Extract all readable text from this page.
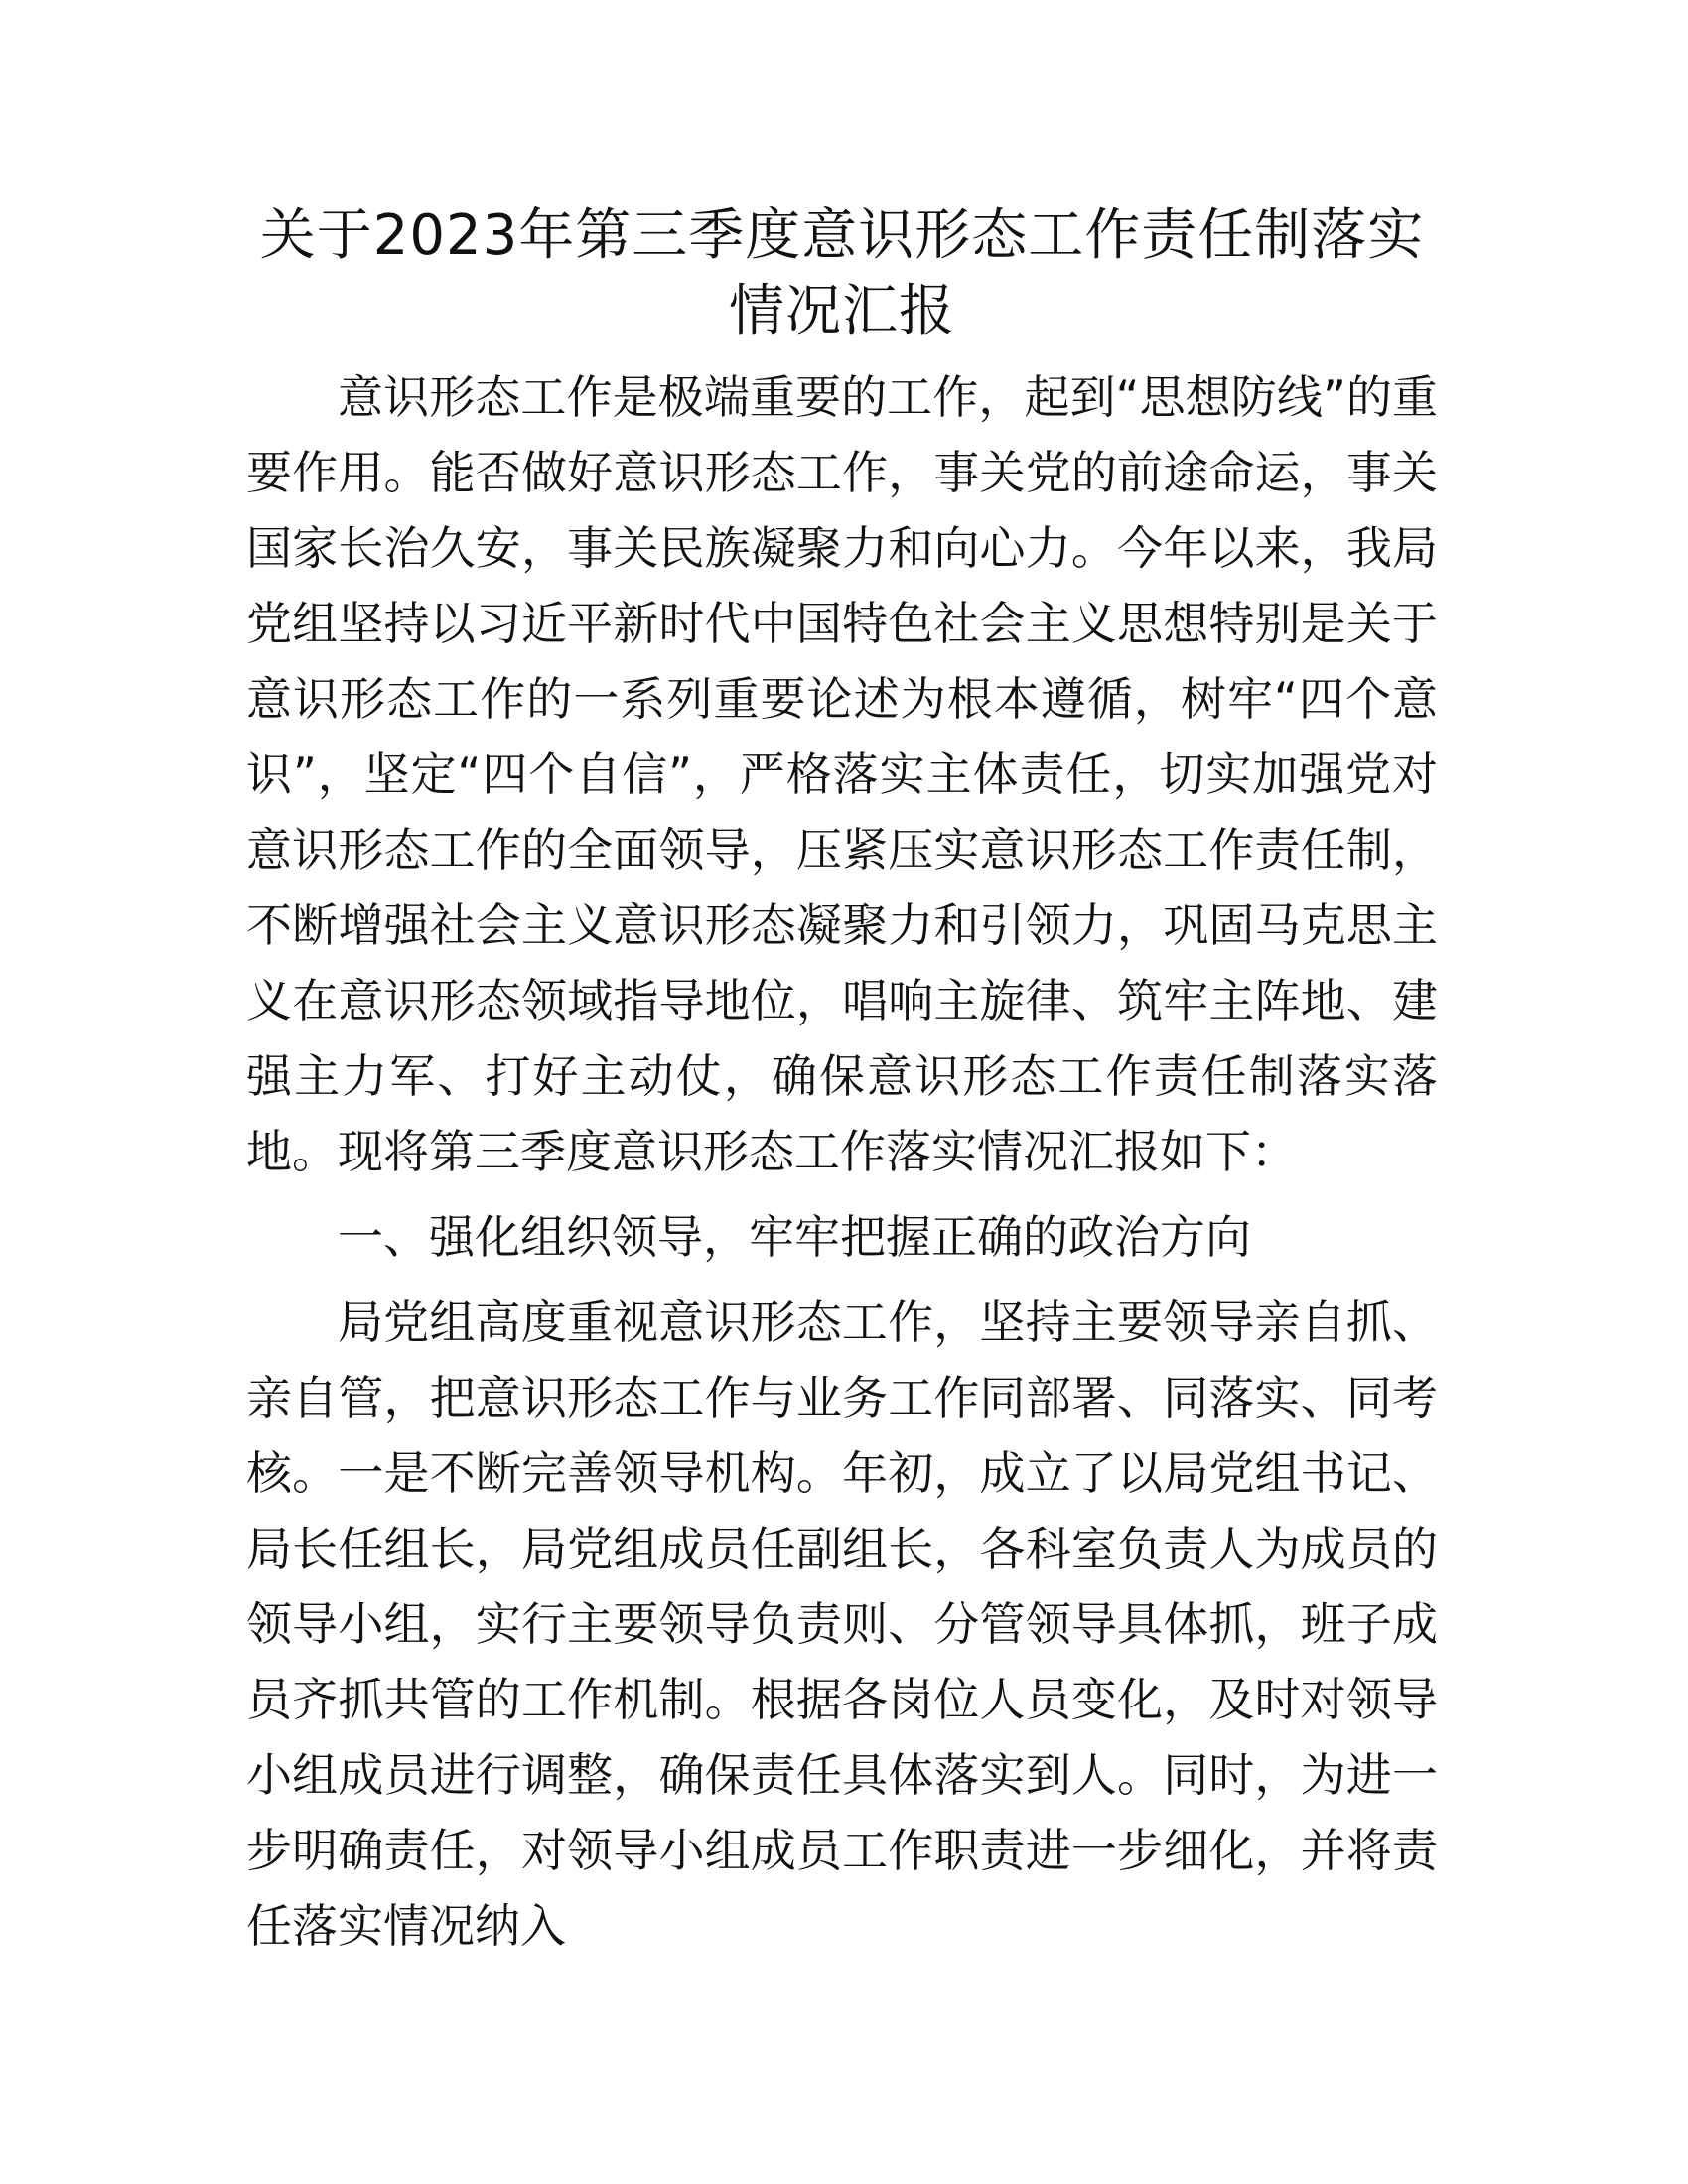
关于2023年第三季度意识形态工作责任制落实情况汇报

意识形态工作是极端重要的工作，起到“思想防线”的重要作用。能否做好意识形态工作，事关党的前途命运，事关国家长治久安，事关民族凝聚力和向心力。今年以来，我局党组坚持以习近平新时代中国特色社会主义思想特别是关于意识形态工作的一系列重要论述为根本遵循，树牢“四个意识”，坚定“四个自信”，严格落实主体责任，切实加强党对意识形态工作的全面领导，压紧压实意识形态工作责任制，不断增强社会主义意识形态凝聚力和引领力，巩固马克思主义在意识形态领域指导地位，唱响主旋律、筑牢主阵地、建强主力军、打好主动仗，确保意识形态工作责任制落实落地。现将第三季度意识形态工作落实情况汇报如下：

一、强化组织领导，牢牢把握正确的政治方向

局党组高度重视意识形态工作，坚持主要领导亲自抓、亲自管，把意识形态工作与业务工作同部署、同落实、同考核。一是不断完善领导机构。年初，成立了以局党组书记、局长任组长，局党组成员任副组长，各科室负责人为成员的领导小组，实行主要领导负责则、分管领导具体抓，班子成员齐抓共管的工作机制。根据各岗位人员变化，及时对领导小组成员进行调整，确保责任具体落实到人。同时，为进一步明确责任，对领导小组成员工作职责进一步细化，并将责任落实情况纳入
